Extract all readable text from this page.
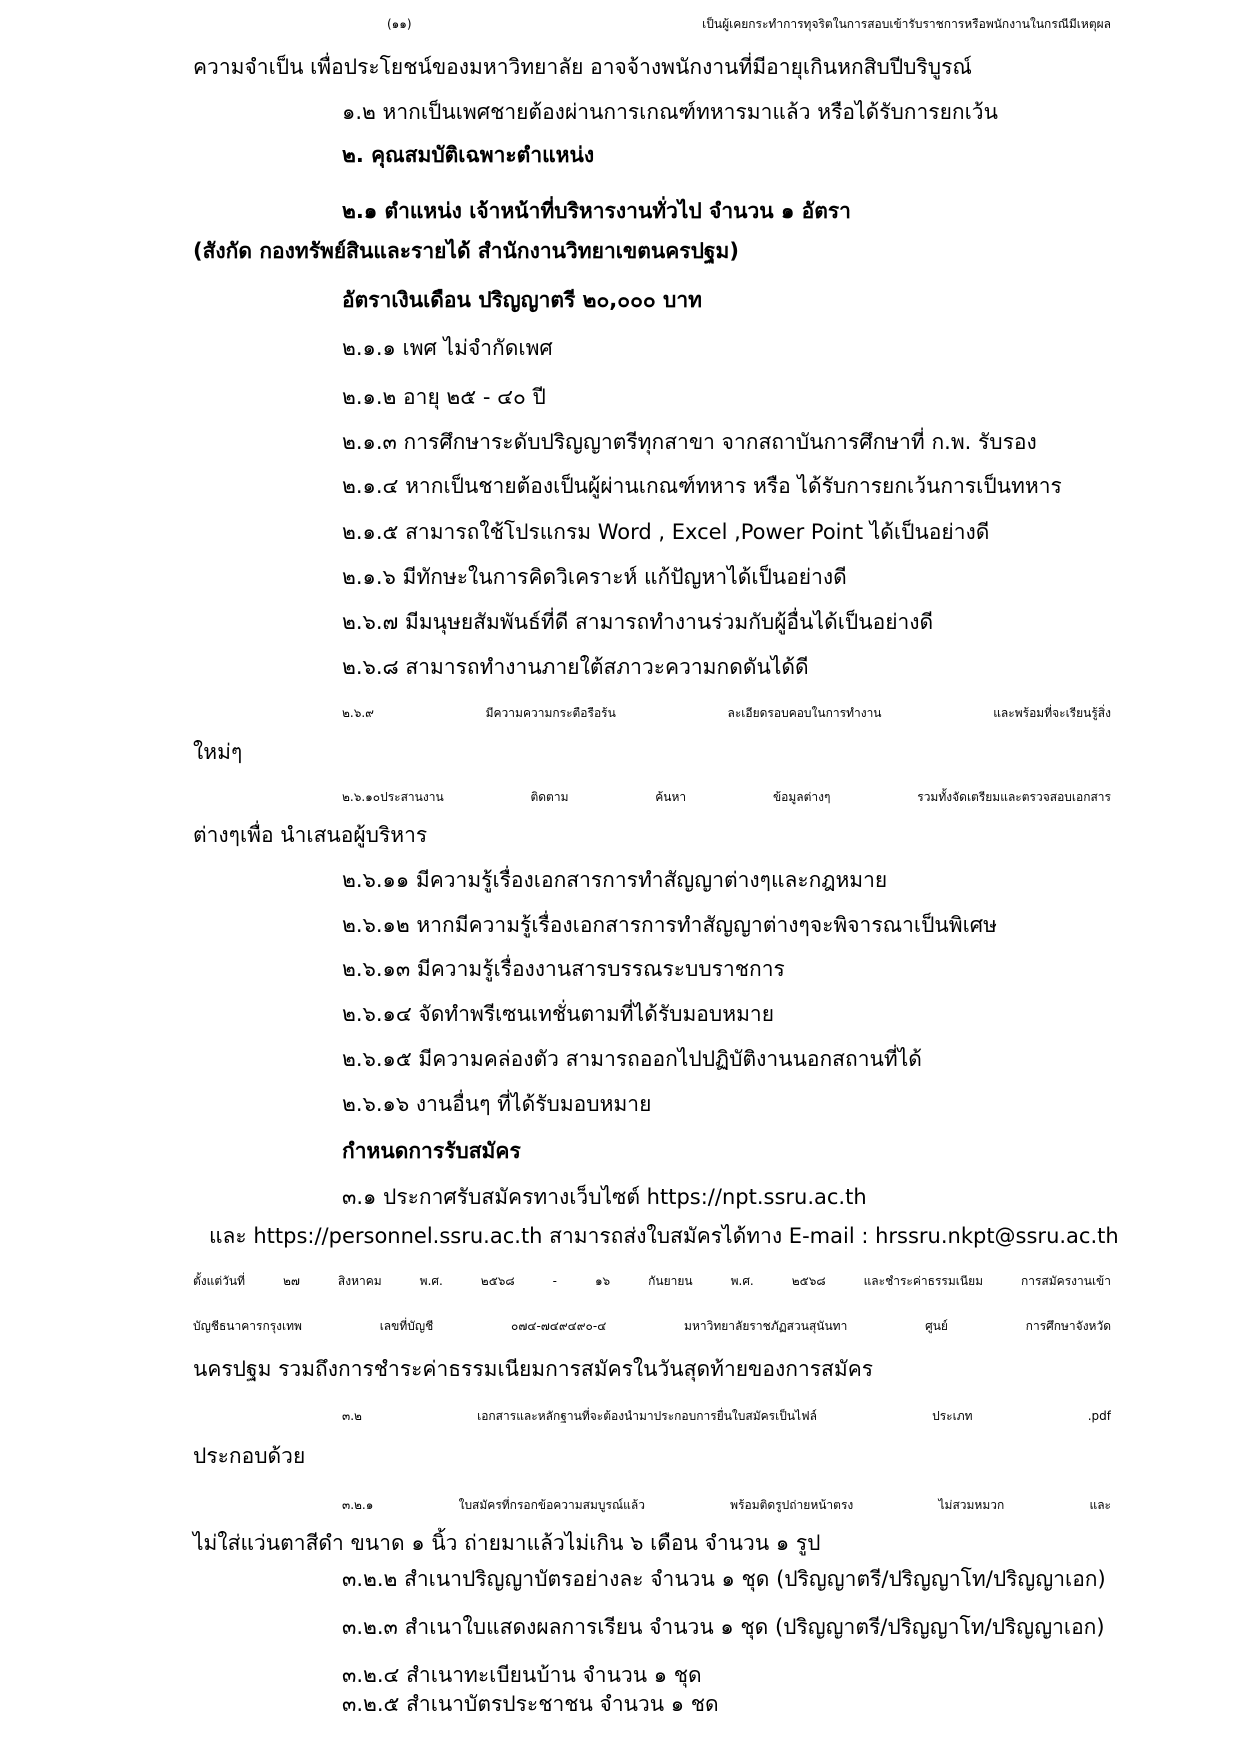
(๑๑) เป็นผู้เคยกระทำการทุจริตในการสอบเข้ารับราชการหรือพนักงานในกรณีมีเหตุผล
ความจำเป็น เพื่อประโยชน์ของมหาวิทยาลัย อาจจ้างพนักงานที่มีอายุเกินหกสิบปีบริบูรณ์
๑.๒ หากเป็นเพศชายต้องผ่านการเกณฑ์ทหารมาแล้ว หรือได้รับการยกเว้น
๒. คุณสมบัติเฉพาะตำแหน่ง
๒.๑ ตำแหน่ง เจ้าหน้าที่บริหารงานทั่วไป จำนวน ๑ อัตรา
(สังกัด กองทรัพย์สินและรายได้ สำนักงานวิทยาเขตนครปฐม)
อัตราเงินเดือน ปริญญาตรี ๒๐,๐๐๐ บาท
๒.๑.๑ เพศ ไม่จำกัดเพศ
๒.๑.๒ อายุ ๒๕ - ๔๐ ปี
๒.๑.๓ การศึกษาระดับปริญญาตรีทุกสาขา จากสถาบันการศึกษาที่ ก.พ. รับรอง
๒.๑.๔ หากเป็นชายต้องเป็นผู้ผ่านเกณฑ์ทหาร หรือ ได้รับการยกเว้นการเป็นทหาร
๒.๑.๕ สามารถใช้โปรแกรม Word , Excel ,Power Point ได้เป็นอย่างดี
๒.๑.๖ มีทักษะในการคิดวิเคราะห์ แก้ปัญหาได้เป็นอย่างดี
๒.๖.๗ มีมนุษยสัมพันธ์ที่ดี สามารถทำงานร่วมกับผู้อื่นได้เป็นอย่างดี
๒.๖.๘ สามารถทำงานภายใต้สภาวะความกดดันได้ดี
๒.๖.๙ มีความความกระตือรือร้น ละเอียดรอบคอบในการทำงาน และพร้อมที่จะเรียนรู้สิ่ง
ใหม่ๆ
๒.๖.๑๐ประสานงาน ติดตาม ค้นหา ข้อมูลต่างๆ รวมทั้งจัดเตรียมและตรวจสอบเอกสาร
ต่างๆเพื่อ นำเสนอผู้บริหาร
๒.๖.๑๑ มีความรู้เรื่องเอกสารการทำสัญญาต่างๆและกฎหมาย
๒.๖.๑๒ หากมีความรู้เรื่องเอกสารการทำสัญญาต่างๆจะพิจารณาเป็นพิเศษ
๒.๖.๑๓ มีความรู้เรื่องงานสารบรรณระบบราชการ
๒.๖.๑๔ จัดทำพรีเซนเทชั่นตามที่ได้รับมอบหมาย
๒.๖.๑๕ มีความคล่องตัว สามารถออกไปปฏิบัติงานนอกสถานที่ได้
๒.๖.๑๖ งานอื่นๆ ที่ได้รับมอบหมาย
กำหนดการรับสมัคร
๓.๑ ประกาศรับสมัครทางเว็บไซต์ https://npt.ssru.ac.th
และ https://personnel.ssru.ac.th สามารถส่งใบสมัครได้ทาง E-mail : hrssru.nkpt@ssru.ac.th
ตั้งแต่วันที่ ๒๗ สิงหาคม พ.ศ. ๒๕๖๘ - ๑๖ กันยายน พ.ศ. ๒๕๖๘ และชำระค่าธรรมเนียม การสมัครงานเข้า
บัญชีธนาคารกรุงเทพ เลขที่บัญชี ๐๗๔-๗๔๙๔๙๐-๔ มหาวิทยาลัยราชภัฏสวนสุนันทา ศูนย์ การศึกษาจังหวัด
นครปฐม รวมถึงการชำระค่าธรรมเนียมการสมัครในวันสุดท้ายของการสมัคร
๓.๒ เอกสารและหลักฐานที่จะต้องนำมาประกอบการยื่นใบสมัครเป็นไฟล์ ประเภท .pdf
ประกอบด้วย
๓.๒.๑ ใบสมัครที่กรอกข้อความสมบูรณ์แล้ว พร้อมติดรูปถ่ายหน้าตรง ไม่สวมหมวก และ
ไม่ใส่แว่นตาสีดำ ขนาด ๑ นิ้ว ถ่ายมาแล้วไม่เกิน ๖ เดือน จำนวน ๑ รูป
๓.๒.๒ สำเนาปริญญาบัตรอย่างละ จำนวน ๑ ชุด (ปริญญาตรี/ปริญญาโท/ปริญญาเอก)
๓.๒.๓ สำเนาใบแสดงผลการเรียน จำนวน ๑ ชุด (ปริญญาตรี/ปริญญาโท/ปริญญาเอก)
๓.๒.๔ สำเนาทะเบียนบ้าน จำนวน ๑ ชุด
๓.๒.๕ สำเนาบัตรประชาชน จำนวน ๑ ชด
